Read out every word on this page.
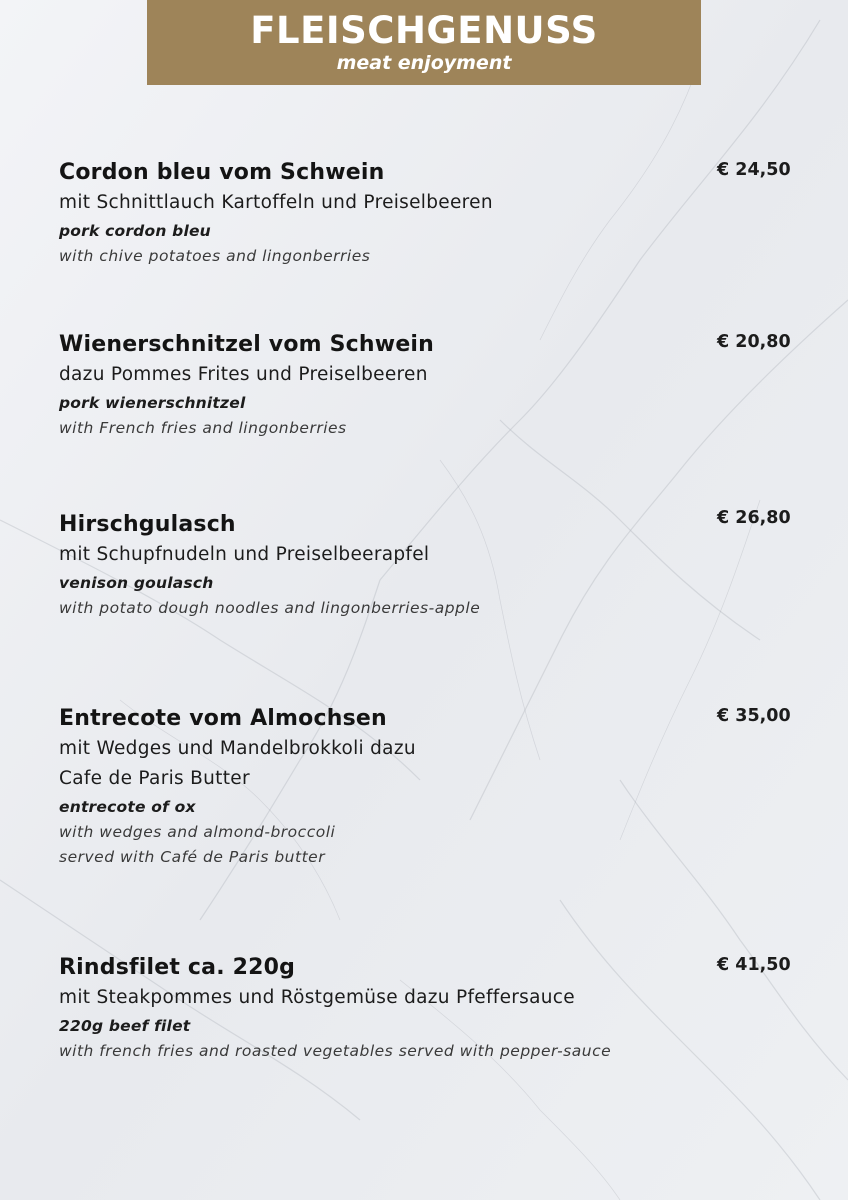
FLEISCHGENUSS
meat enjoyment
Cordon bleu vom Schwein
mit Schnittlauch Kartoffeln und Preiselbeeren
pork cordon bleu
with chive potatoes and lingonberries
€ 24,50
Wienerschnitzel vom Schwein
dazu Pommes Frites und Preiselbeeren
pork wienerschnitzel
with French fries and lingonberries
€ 20,80
Hirschgulasch
mit Schupfnudeln und Preiselbeerapfel
venison goulasch
with potato dough noodles and lingonberries-apple
€ 26,80
Entrecote vom Almochsen
mit Wedges und Mandelbrokkoli dazu
Cafe de Paris Butter
entrecote of ox
with wedges and almond-broccoli
served with Café de Paris butter
€ 35,00
Rindsfilet ca. 220g
mit Steakpommes und Röstgemüse dazu Pfeffersauce
220g beef filet
with french fries and roasted vegetables served with pepper-sauce
€ 41,50
